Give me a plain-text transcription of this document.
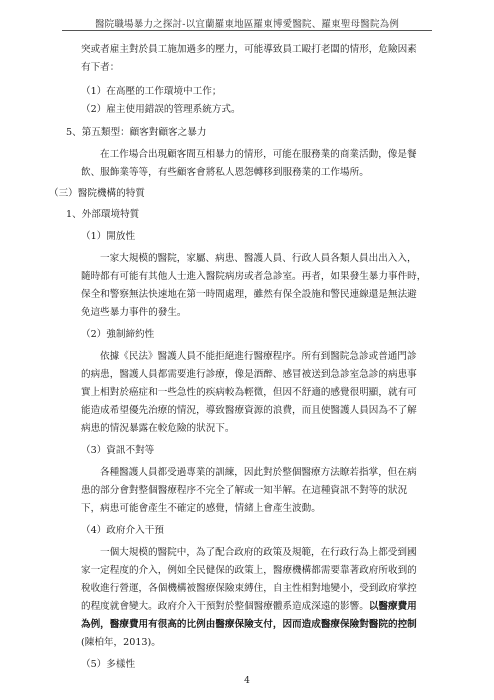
醫院職場暴力之探討-以宜蘭羅東地區羅東博愛醫院、羅東聖母醫院為例
突或者雇主對於員工施加過多的壓力，可能導致員工毆打老闆的情形，危險因素
有下者：
（1）在高壓的工作環境中工作；
（2）雇主使用錯誤的管理系統方式。
5、第五類型：顧客對顧客之暴力
在工作場合出現顧客間互相暴力的情形，可能在服務業的商業活動，像是餐
飲、服飾業等等，有些顧客會將私人恩怨轉移到服務業的工作場所。
（三）醫院機構的特質
1、外部環境特質
（1）開放性
一家大規模的醫院，家屬、病患、醫護人員、行政人員各類人員出出入入，
隨時都有可能有其他人士進入醫院病房或者急診室。再者，如果發生暴力事件時，
保全和警察無法快速地在第一時間處理，雖然有保全設施和警民連線還是無法避
免這些暴力事件的發生。
（2）強制締約性
依據《民法》醫護人員不能拒絕進行醫療程序。所有到醫院急診或普通門診
的病患，醫護人員都需要進行診療，像是酒醉、感冒被送到急診室急診的病患事
實上相對於癌症和一些急性的疾病較為輕微，但因不舒適的感覺很明顯，就有可
能造成希望優先治療的情況，導致醫療資源的浪費，而且使醫護人員因為不了解
病患的情況暴露在較危險的狀況下。
（3）資訊不對等
各種醫護人員都受過專業的訓練，因此對於整個醫療方法瞭若指掌，但在病
患的部分會對整個醫療程序不完全了解或一知半解。在這種資訊不對等的狀況
下，病患可能會產生不確定的感覺，情緒上會產生波動。
（4）政府介入干預
一個大規模的醫院中，為了配合政府的政策及規範，在行政行為上都受到國
家一定程度的介入，例如全民健保的政策上，醫療機構都需要靠著政府所收到的
稅收進行營運，各個機構被醫療保險束縛住，自主性相對地變小，受到政府掌控
的程度就會變大。政府介入干預對於整個醫療體系造成深遠的影響。以醫療費用
為例，醫療費用有很高的比例由醫療保險支付，因而造成醫療保險對醫院的控制
(陳柏年，2013)。
（5）多樣性
4
